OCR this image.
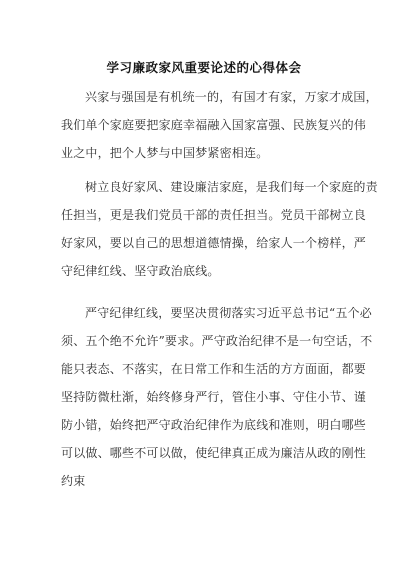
学习廉政家风重要论述的心得体会
兴家与强国是有机统一的，有国才有家，万家才成国，
我们单个家庭要把家庭幸福融入国家富强、民族复兴的伟
业之中，把个人梦与中国梦紧密相连。
树立良好家风、建设廉洁家庭，是我们每一个家庭的责
任担当，更是我们党员干部的责任担当。党员干部树立良
好家风，要以自己的思想道德情操，给家人一个榜样，严
守纪律红线、坚守政治底线。
严守纪律红线，要坚决贯彻落实习近平总书记“五个必
须、五个绝不允许”要求。严守政治纪律不是一句空话，不
能只表态、不落实，在日常工作和生活的方方面面，都要
坚持防微杜渐，始终修身严行，管住小事、守住小节、谨
防小错，始终把严守政治纪律作为底线和准则，明白哪些
可以做、哪些不可以做，使纪律真正成为廉洁从政的刚性
约束
